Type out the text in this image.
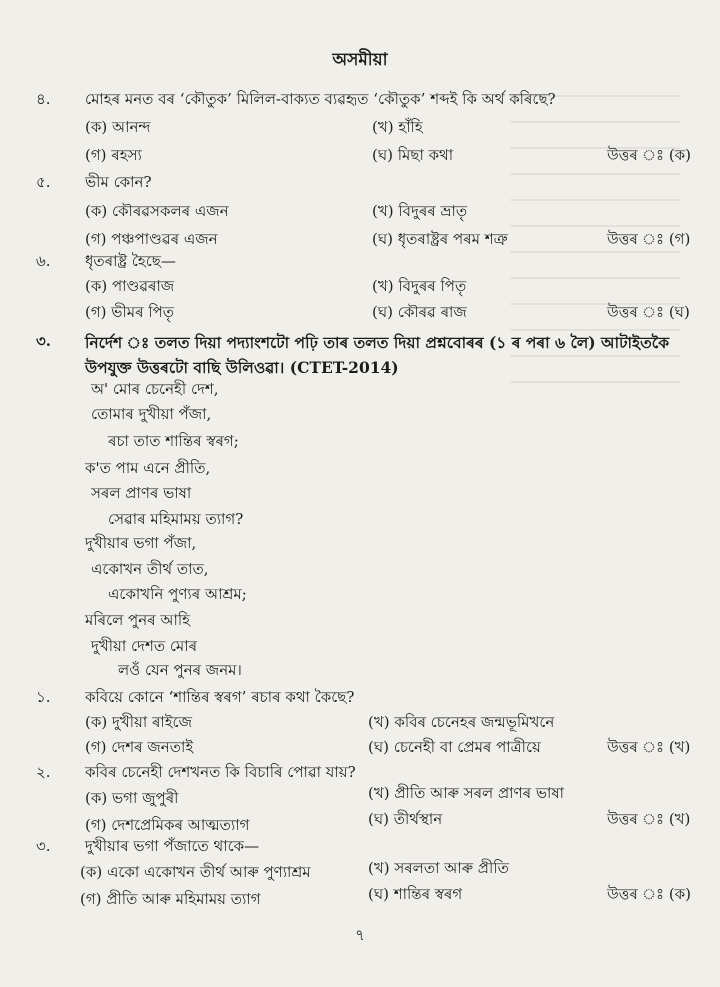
অসমীয়া
৪. মোহৰ মনত বৰ ‘কৌতুক’ মিলিল-বাক্যত ব্যৱহৃত ‘কৌতুক’ শব্দই কি অৰ্থ কৰিছে?
(ক) আনন্দ	(খ) হাঁহি
(গ) ৰহস্য	(ঘ) মিছা কথা	উত্তৰ ঃ (ক)
৫. ভীম কোন?
(ক) কৌৰৱসকলৰ এজন	(খ) বিদুৰৰ ভ্ৰাতৃ
(গ) পঞ্চপাণ্ডৱৰ এজন	(ঘ) ধৃতৰাষ্ট্ৰৰ পৰম শত্ৰু	উত্তৰ ঃ (গ)
৬. ধৃতৰাষ্ট্ৰ হৈছে—
(ক) পাণ্ডৱৰাজ	(খ) বিদুৰৰ পিতৃ
(গ) ভীমৰ পিতৃ	(ঘ) কৌৰৱ ৰাজ	উত্তৰ ঃ (ঘ)
৩. নিৰ্দেশ ঃ তলত দিয়া পদ্যাংশটো পঢ়ি তাৰ তলত দিয়া প্ৰশ্নবোৰৰ (১ ৰ পৰা ৬ লৈ) আটাইতকৈ উপযুক্ত উত্তৰটো বাছি উলিওৱা। (CTET-2014)
অ' মোৰ চেনেহী দেশ,
তোমাৰ দুখীয়া পঁজা,
ৰচা তাত শান্তিৰ স্বৰগ;
ক'ত পাম এনে প্ৰীতি,
সৰল প্ৰাণৰ ভাষা
সেৱাৰ মহিমাময় ত্যাগ?
দুখীয়াৰ ভগা পঁজা,
একোখন তীৰ্থ তাত,
একোখনি পুণ্যৰ আশ্ৰম;
মৰিলে পুনৰ আহি
দুখীয়া দেশত মোৰ
লওঁ যেন পুনৰ জনম।
১. কবিয়ে কোনে ‘শান্তিৰ স্বৰগ’ ৰচাৰ কথা কৈছে?
(ক) দুখীয়া ৰাইজে	(খ) কবিৰ চেনেহৰ জন্মভূমিখনে
(গ) দেশৰ জনতাই	(ঘ) চেনেহী বা প্ৰেমৰ পাত্ৰীয়ে	উত্তৰ ঃ (খ)
২. কবিৰ চেনেহী দেশখনত কি বিচাৰি পোৱা যায়?
(ক) ভগা জুপুৰী	(খ) প্ৰীতি আৰু সৰল প্ৰাণৰ ভাষা
(গ) দেশপ্ৰেমিকৰ আত্মত্যাগ	(ঘ) তীৰ্থস্থান	উত্তৰ ঃ (খ)
৩. দুখীয়াৰ ভগা পঁজাতে থাকে—
(ক) একো একোখন তীৰ্থ আৰু পুণ্যাশ্ৰম	(খ) সৰলতা আৰু প্ৰীতি
(গ) প্ৰীতি আৰু মহিমাময় ত্যাগ	(ঘ) শান্তিৰ স্বৰগ	উত্তৰ ঃ (ক)
৭
